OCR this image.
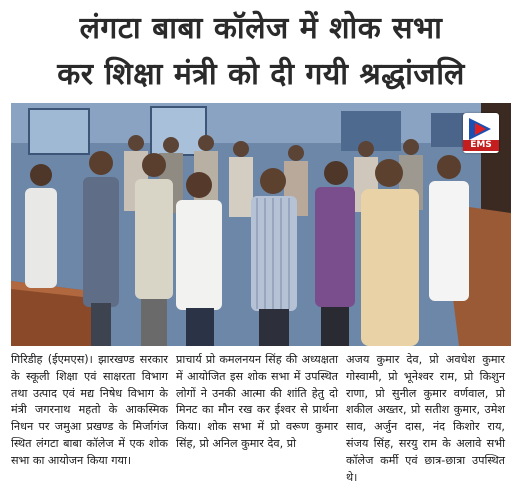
लंगटा बाबा कॉलेज में शोक सभा
कर शिक्षा मंत्री को दी गयी श्रद्धांजलि
EMS
गिरिडीह (ईएमएस)। झारखण्ड सरकार के स्कूली शिक्षा एवं साक्षरता विभाग तथा उत्पाद एवं मद्य निषेध विभाग के मंत्री जगरनाथ महतो के आकस्मिक निधन पर जमुआ प्रखण्ड के मिर्जागंज स्थित लंगटा बाबा कॉलेज में एक शोक सभा का आयोजन किया गया।
प्राचार्य प्रो कमलनयन सिंह की अध्यक्षता में आयोजित इस शोक सभा में उपस्थित लोगों ने उनकी आत्मा की शांति हेतु दो मिनट का मौन रख कर ईश्वर से प्रार्थना किया। शोक सभा में प्रो वरूण कुमार सिंह, प्रो अनिल कुमार देव, प्रो
अजय कुमार देव, प्रो अवधेश कुमार गोस्वामी, प्रो भूनेश्वर राम, प्रो किशुन राणा, प्रो सुनील कुमार वर्णवाल, प्रो शकील अख्तर, प्रो सतीश कुमार, उमेश साव, अर्जुन दास, नंद किशोर राय, संजय सिंह, सरयु राम के अलावे सभी कॉलेज कर्मी एवं छात्र-छात्रा उपस्थित थे।
